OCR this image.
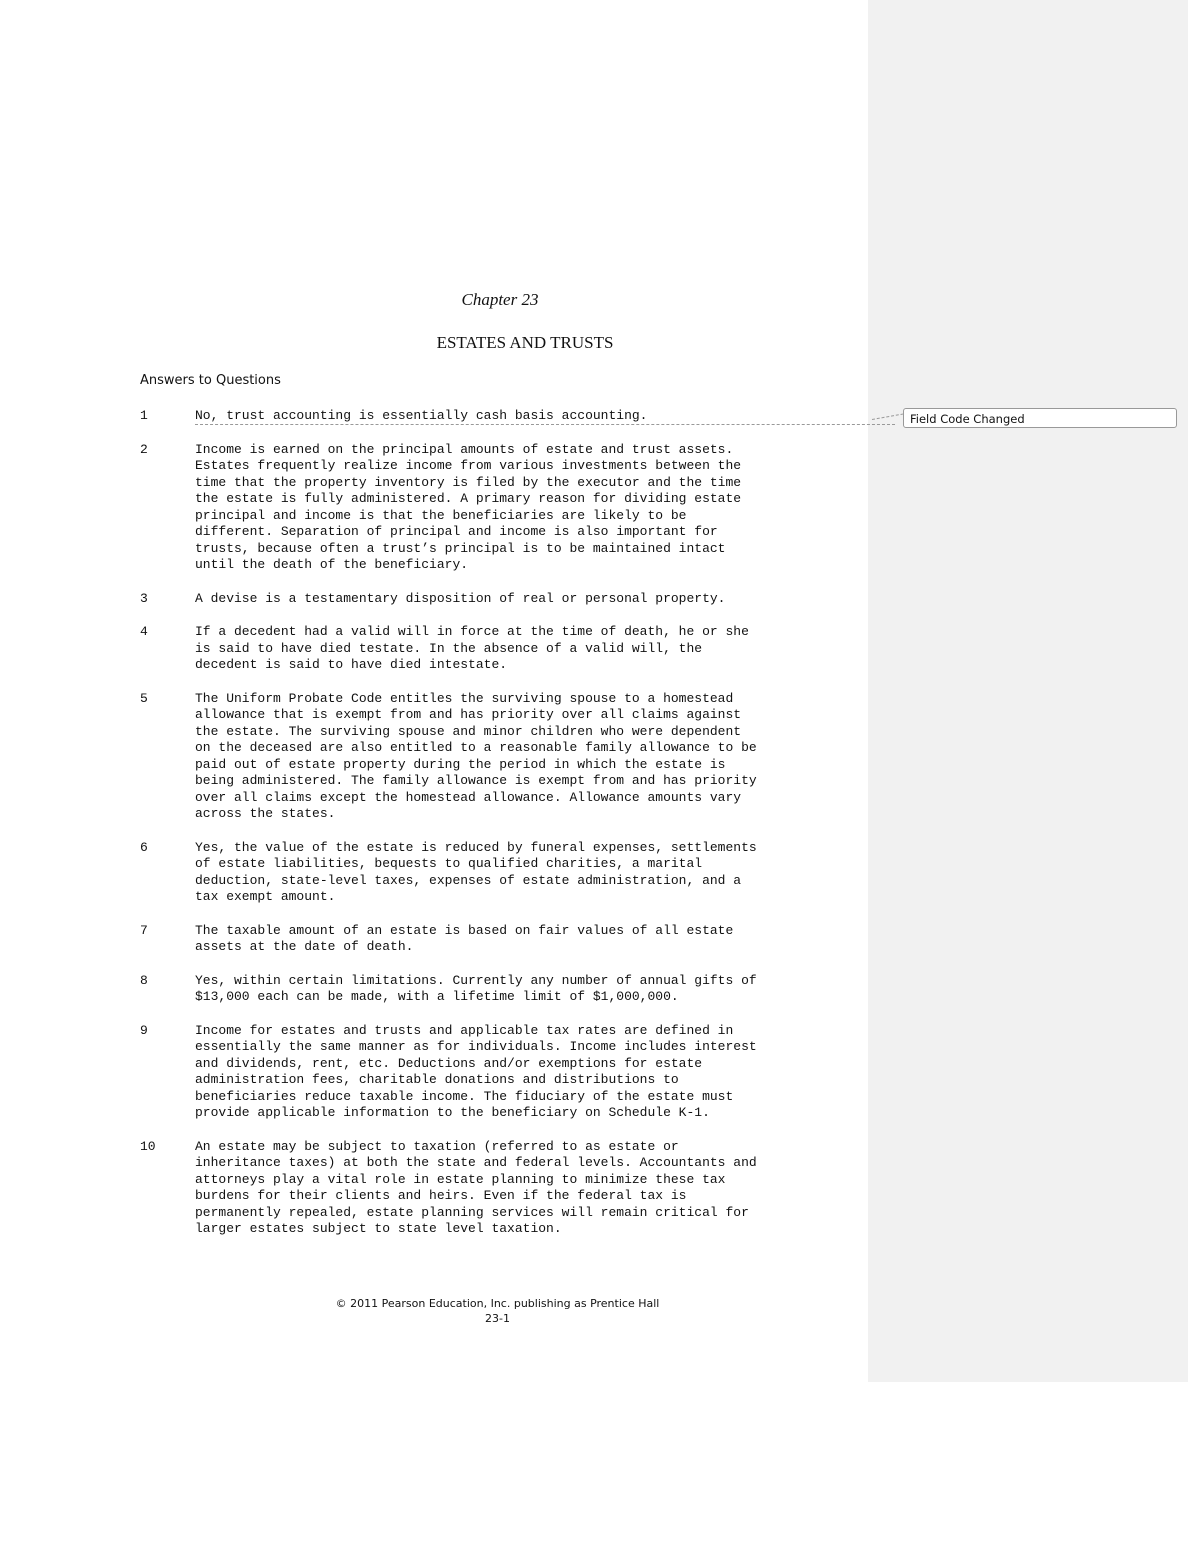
Chapter 23
ESTATES AND TRUSTS
Answers to Questions
1	No, trust accounting is essentially cash basis accounting.
2	Income is earned on the principal amounts of estate and trust assets.
Estates frequently realize income from various investments between the
time that the property inventory is filed by the executor and the time
the estate is fully administered. A primary reason for dividing estate
principal and income is that the beneficiaries are likely to be
different. Separation of principal and income is also important for
trusts, because often a trust’s principal is to be maintained intact
until the death of the beneficiary.
3	A devise is a testamentary disposition of real or personal property.
4	If a decedent had a valid will in force at the time of death, he or she
is said to have died testate. In the absence of a valid will, the
decedent is said to have died intestate.
5	The Uniform Probate Code entitles the surviving spouse to a homestead
allowance that is exempt from and has priority over all claims against
the estate. The surviving spouse and minor children who were dependent
on the deceased are also entitled to a reasonable family allowance to be
paid out of estate property during the period in which the estate is
being administered. The family allowance is exempt from and has priority
over all claims except the homestead allowance. Allowance amounts vary
across the states.
6	Yes, the value of the estate is reduced by funeral expenses, settlements
of estate liabilities, bequests to qualified charities, a marital
deduction, state-level taxes, expenses of estate administration, and a
tax exempt amount.
7	The taxable amount of an estate is based on fair values of all estate
assets at the date of death.
8	Yes, within certain limitations. Currently any number of annual gifts of
$13,000 each can be made, with a lifetime limit of $1,000,000.
9	Income for estates and trusts and applicable tax rates are defined in
essentially the same manner as for individuals. Income includes interest
and dividends, rent, etc. Deductions and/or exemptions for estate
administration fees, charitable donations and distributions to
beneficiaries reduce taxable income. The fiduciary of the estate must
provide applicable information to the beneficiary on Schedule K-1.
10	An estate may be subject to taxation (referred to as estate or
inheritance taxes) at both the state and federal levels. Accountants and
attorneys play a vital role in estate planning to minimize these tax
burdens for their clients and heirs. Even if the federal tax is
permanently repealed, estate planning services will remain critical for
larger estates subject to state level taxation.
Field Code Changed
© 2011 Pearson Education, Inc. publishing as Prentice Hall
23-1
